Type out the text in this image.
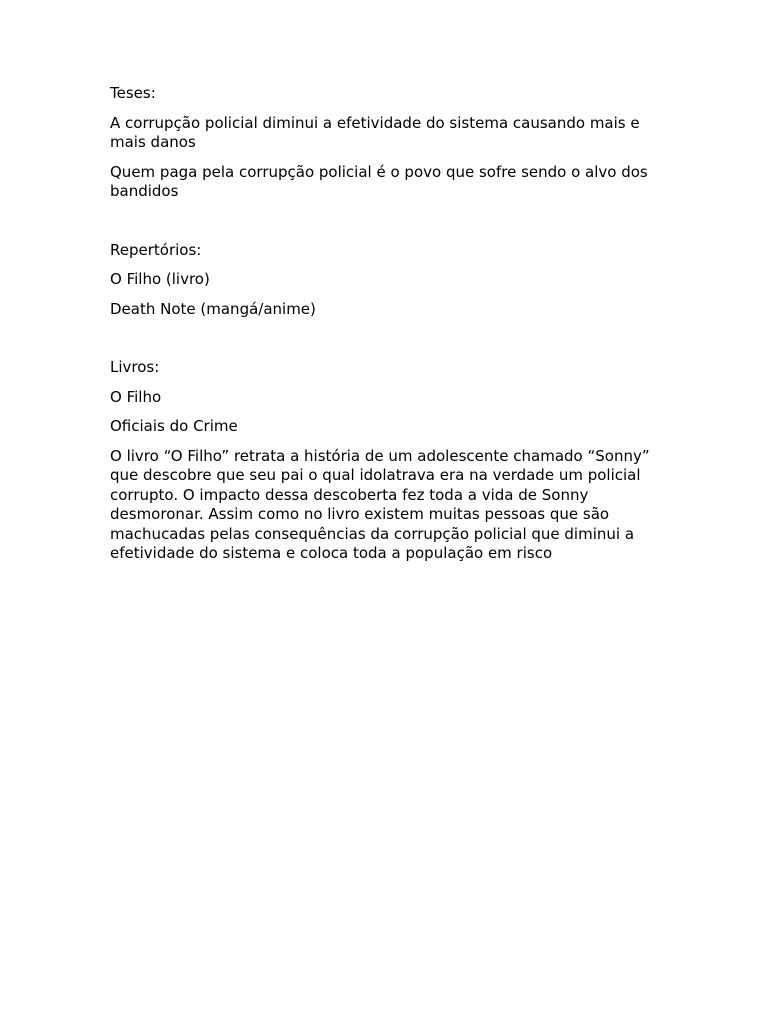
Teses:

A corrupção policial diminui a efetividade do sistema causando mais e mais danos

Quem paga pela corrupção policial é o povo que sofre sendo o alvo dos bandidos

Repertórios:

O Filho (livro)

Death Note (mangá/anime)

Livros:

O Filho

Oficiais do Crime

O livro “O Filho” retrata a história de um adolescente chamado “Sonny” que descobre que seu pai o qual idolatrava era na verdade um policial corrupto. O impacto dessa descoberta fez toda a vida de Sonny desmoronar. Assim como no livro existem muitas pessoas que são machucadas pelas consequências da corrupção policial que diminui a efetividade do sistema e coloca toda a população em risco
